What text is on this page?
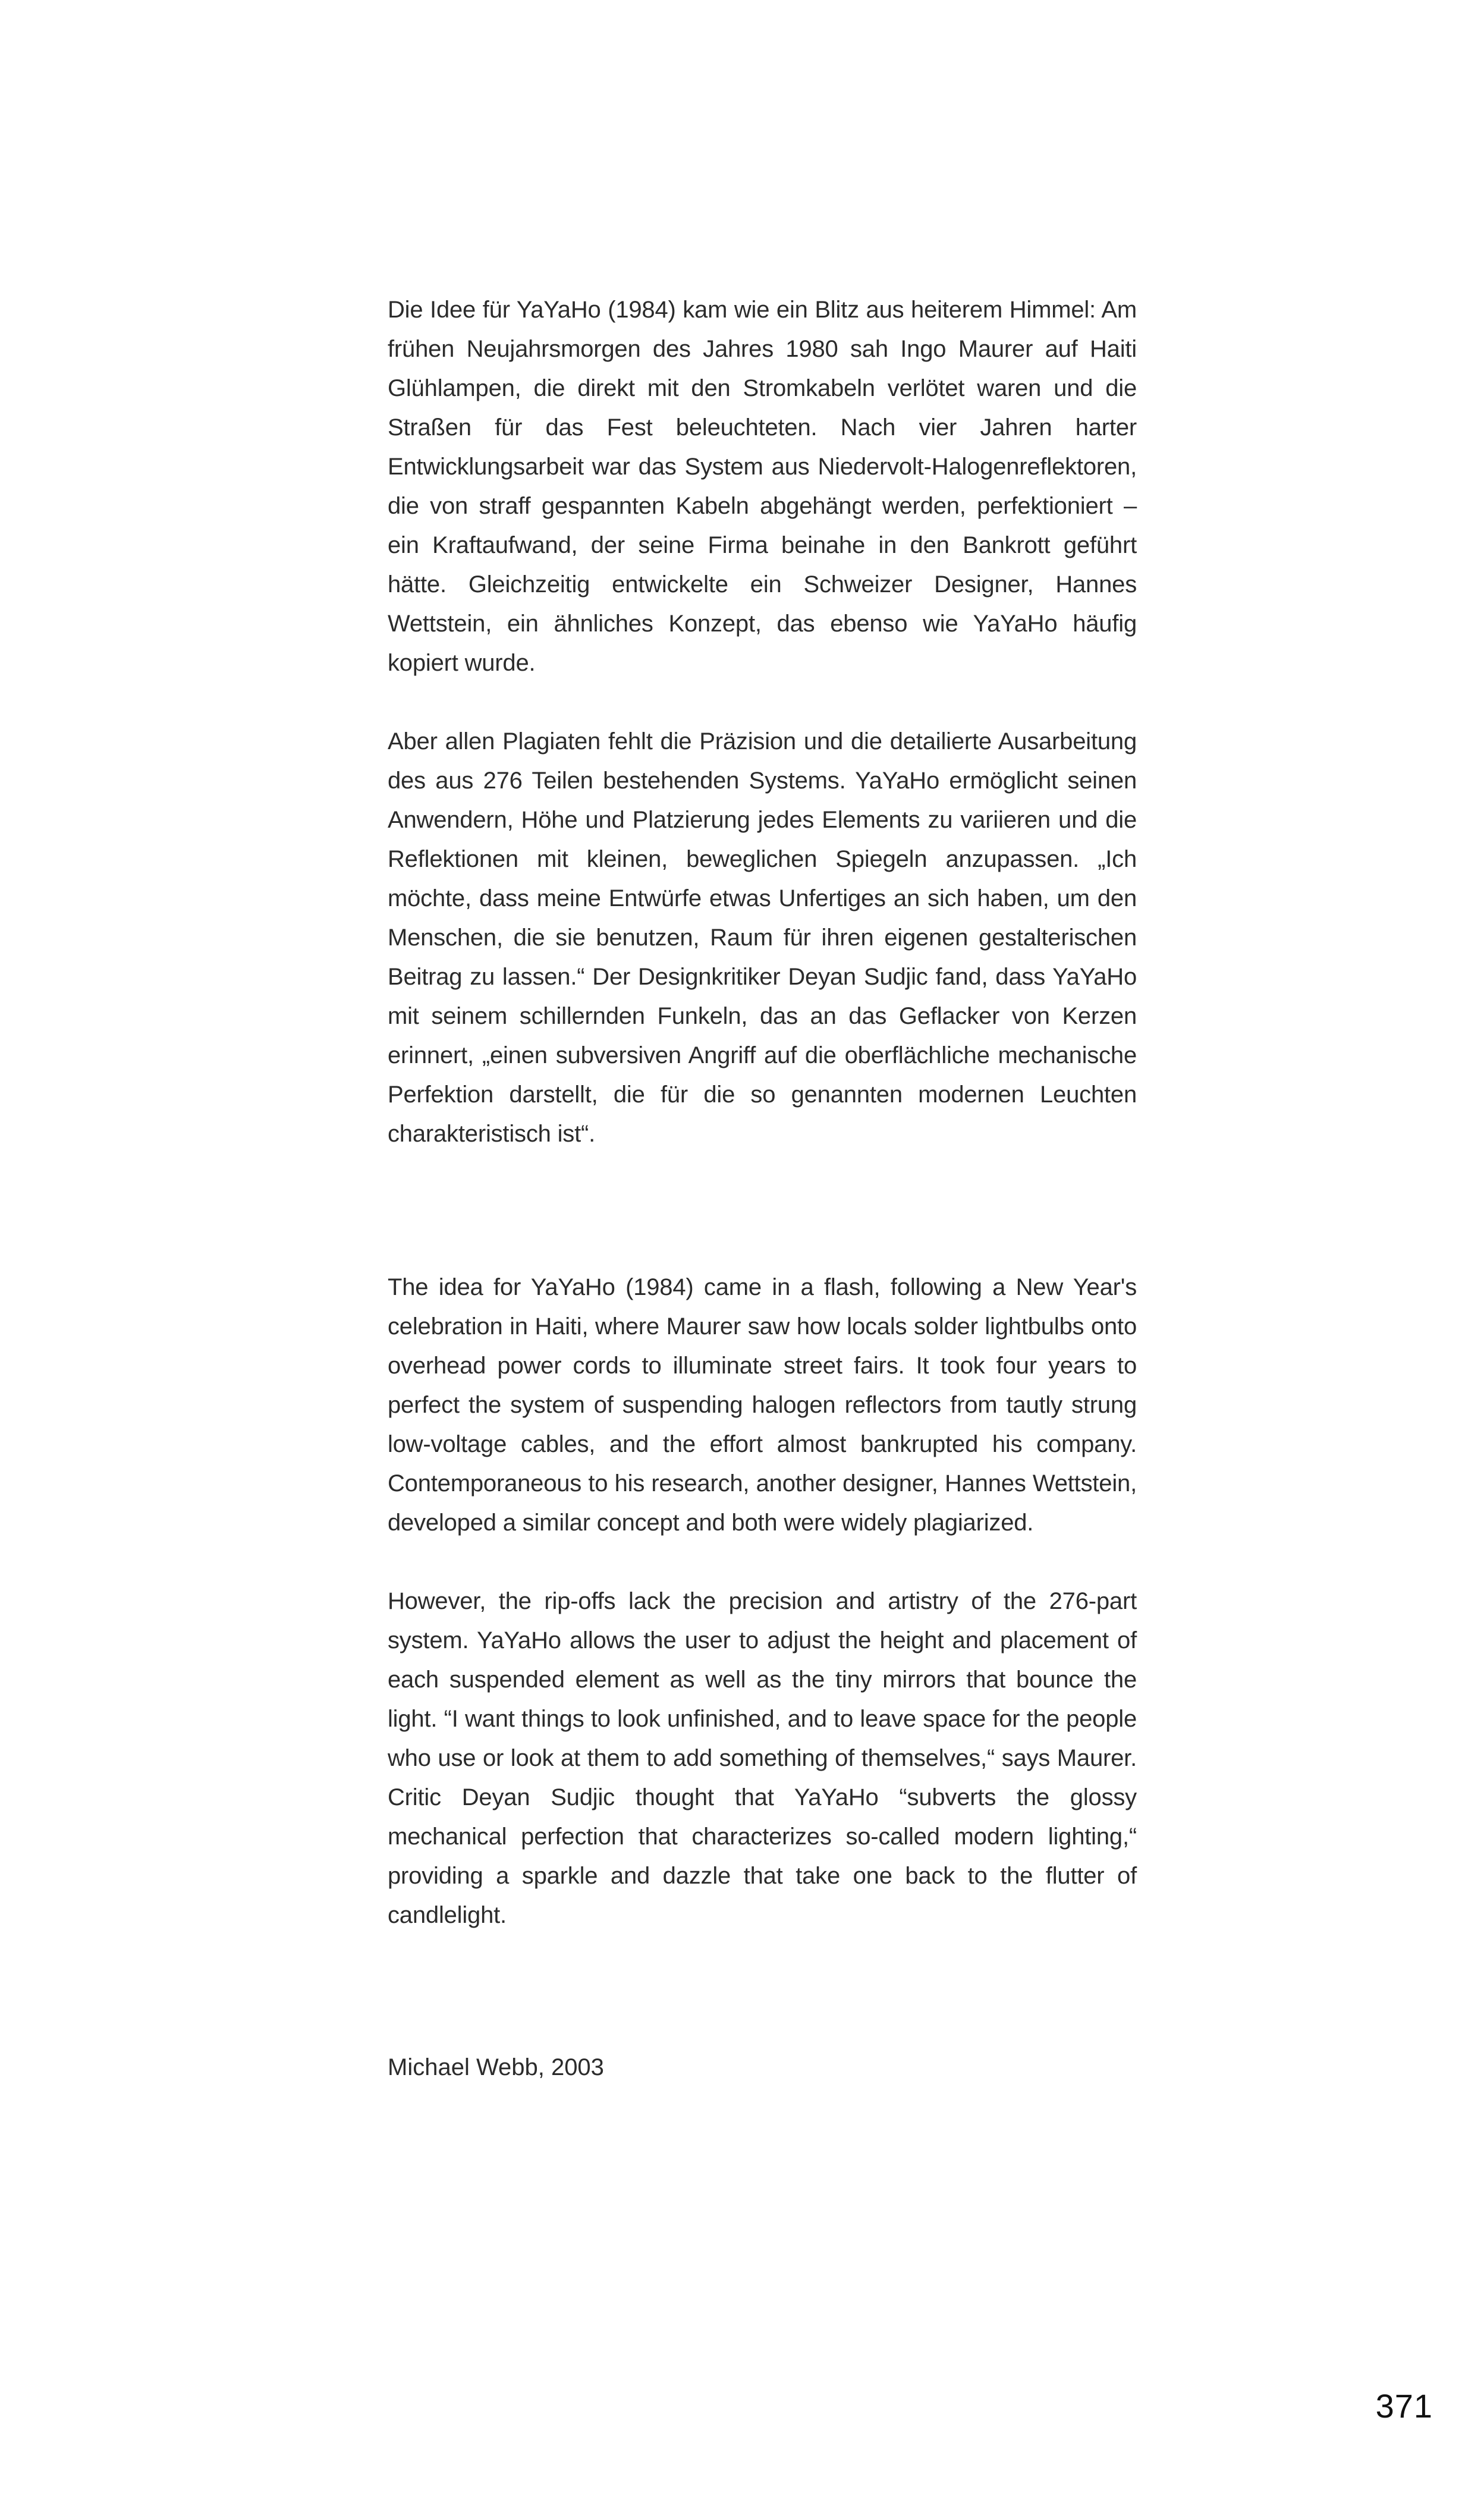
Die Idee für YaYaHo (1984) kam wie ein Blitz aus heiterem Himmel: Am frühen Neujahrsmorgen des Jahres 1980 sah Ingo Maurer auf Haiti Glühlampen, die direkt mit den Stromkabeln verlötet waren und die Straßen für das Fest beleuchteten. Nach vier Jahren harter Entwicklungsarbeit war das System aus Niedervolt-Halogenreflektoren, die von straff gespannten Kabeln abgehängt werden, perfektioniert – ein Kraftaufwand, der seine Firma beinahe in den Bankrott geführt hätte. Gleichzeitig entwickelte ein Schweizer Designer, Hannes Wettstein, ein ähnliches Konzept, das ebenso wie YaYaHo häufig kopiert wurde.

Aber allen Plagiaten fehlt die Präzision und die detailierte Ausarbeitung des aus 276 Teilen bestehenden Systems. YaYaHo ermöglicht seinen Anwendern, Höhe und Platzierung jedes Elements zu variieren und die Reflektionen mit kleinen, beweglichen Spiegeln anzupassen. „Ich möchte, dass meine Entwürfe etwas Unfertiges an sich haben, um den Menschen, die sie benutzen, Raum für ihren eigenen gestalterischen Beitrag zu lassen.“ Der Designkritiker Deyan Sudjic fand, dass YaYaHo mit seinem schillernden Funkeln, das an das Geflacker von Kerzen erinnert, „einen subversiven Angriff auf die oberflächliche mechanische Perfektion darstellt, die für die so genannten modernen Leuchten charakteristisch ist“.

The idea for YaYaHo (1984) came in a flash, following a New Year's celebration in Haiti, where Maurer saw how locals solder lightbulbs onto overhead power cords to illuminate street fairs. It took four years to perfect the system of suspending halogen reflectors from tautly strung low-voltage cables, and the effort almost bankrupted his company. Contemporaneous to his research, another designer, Hannes Wettstein, developed a similar concept and both were widely plagiarized.

However, the rip-offs lack the precision and artistry of the 276-part system. YaYaHo allows the user to adjust the height and placement of each suspended element as well as the tiny mirrors that bounce the light. “I want things to look unfinished, and to leave space for the people who use or look at them to add something of themselves,“ says Maurer. Critic Deyan Sudjic thought that YaYaHo “subverts the glossy mechanical perfection that characterizes so-called modern lighting,“ providing a sparkle and dazzle that take one back to the flutter of candlelight.

Michael Webb, 2003
371
